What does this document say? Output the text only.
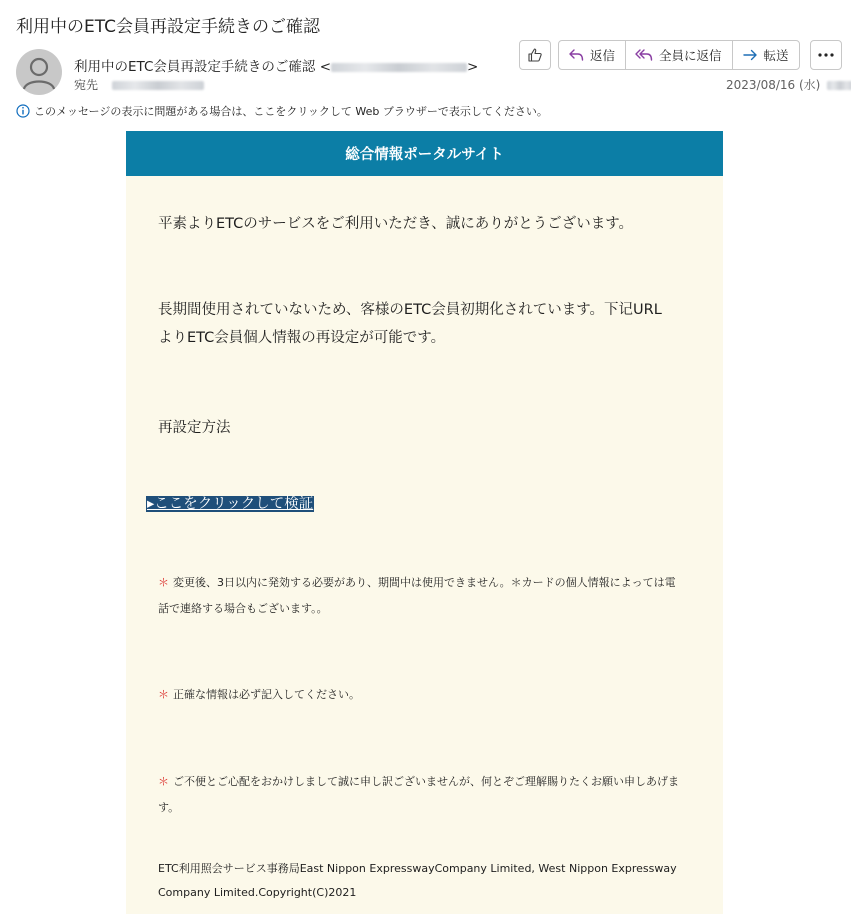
利用中のETC会員再設定手続きのご確認
利用中のETC会員再設定手続きのご確認 <	>
宛先
返信	全員に返信	転送
2023/08/16 (水)
このメッセージの表示に問題がある場合は、ここをクリックして Web ブラウザーで表示してください。
総合情報ポータルサイト
平素よりETCのサービスをご利用いただき、誠にありがとうございます。
長期間使用されていないため、客様のETC会員初期化されています。下记URL
よりETC会員個人情報の再设定が可能です。
再設定方法
▸ここをクリックして検証
＊ 変更後、3日以内に発効する必要があり、期間中は使用できません。＊カードの個人情報によっては電
話で連絡する場合もございます。。
＊ 正確な情報は必ず記入してください。
＊ ご不便とご心配をおかけしまして誠に申し訳ございませんが、何とぞご理解賜りたくお願い申しあげま
す。
ETC利用照会サービス事務局East Nippon ExpresswayCompany Limited, West Nippon Expressway
Company Limited.Copyright(C)2021
